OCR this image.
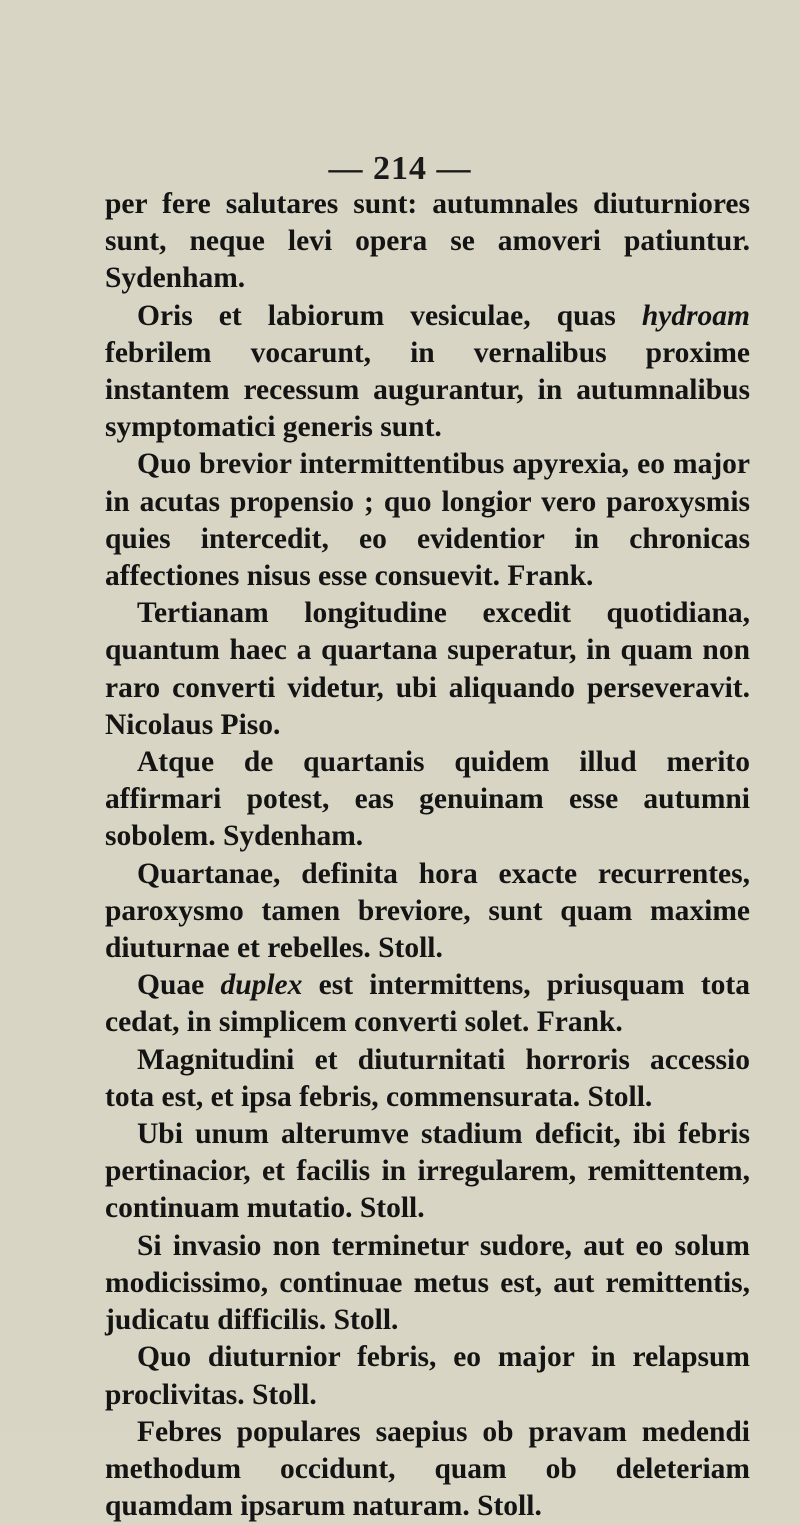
— 214 —

per fere salutares sunt: autumnales diuturniores sunt, neque levi opera se amoveri patiuntur. Sydenham.

Oris et labiorum vesiculae, quas hydroam febrilem vocarunt, in vernalibus proxime instantem recessum augurantur, in autumnalibus symptomatici generis sunt.

Quo brevior intermittentibus apyrexia, eo major in acutas propensio ; quo longior vero paroxysmis quies intercedit, eo evidentior in chronicas affectiones nisus esse consuevit. Frank.

Tertianam longitudine excedit quotidiana, quantum haec a quartana superatur, in quam non raro converti videtur, ubi aliquando perseveravit. Nicolaus Piso.

Atque de quartanis quidem illud merito affirmari potest, eas genuinam esse autumni sobolem. Sydenham.

Quartanae, definita hora exacte recurrentes, paroxysmo tamen breviore, sunt quam maxime diuturnae et rebelles. Stoll.

Quae duplex est intermittens, priusquam tota cedat, in simplicem converti solet. Frank.

Magnitudini et diuturnitati horroris accessio tota est, et ipsa febris, commensurata. Stoll.

Ubi unum alterumve stadium deficit, ibi febris pertinacior, et facilis in irregularem, remittentem, continuam mutatio. Stoll.

Si invasio non terminetur sudore, aut eo solum modicissimo, continuae metus est, aut remittentis, judicatu difficilis. Stoll.

Quo diuturnior febris, eo major in relapsum proclivitas. Stoll.

Febres populares saepius ob pravam medendi methodum occidunt, quam ob deleteriam quamdam ipsarum naturam. Stoll.
